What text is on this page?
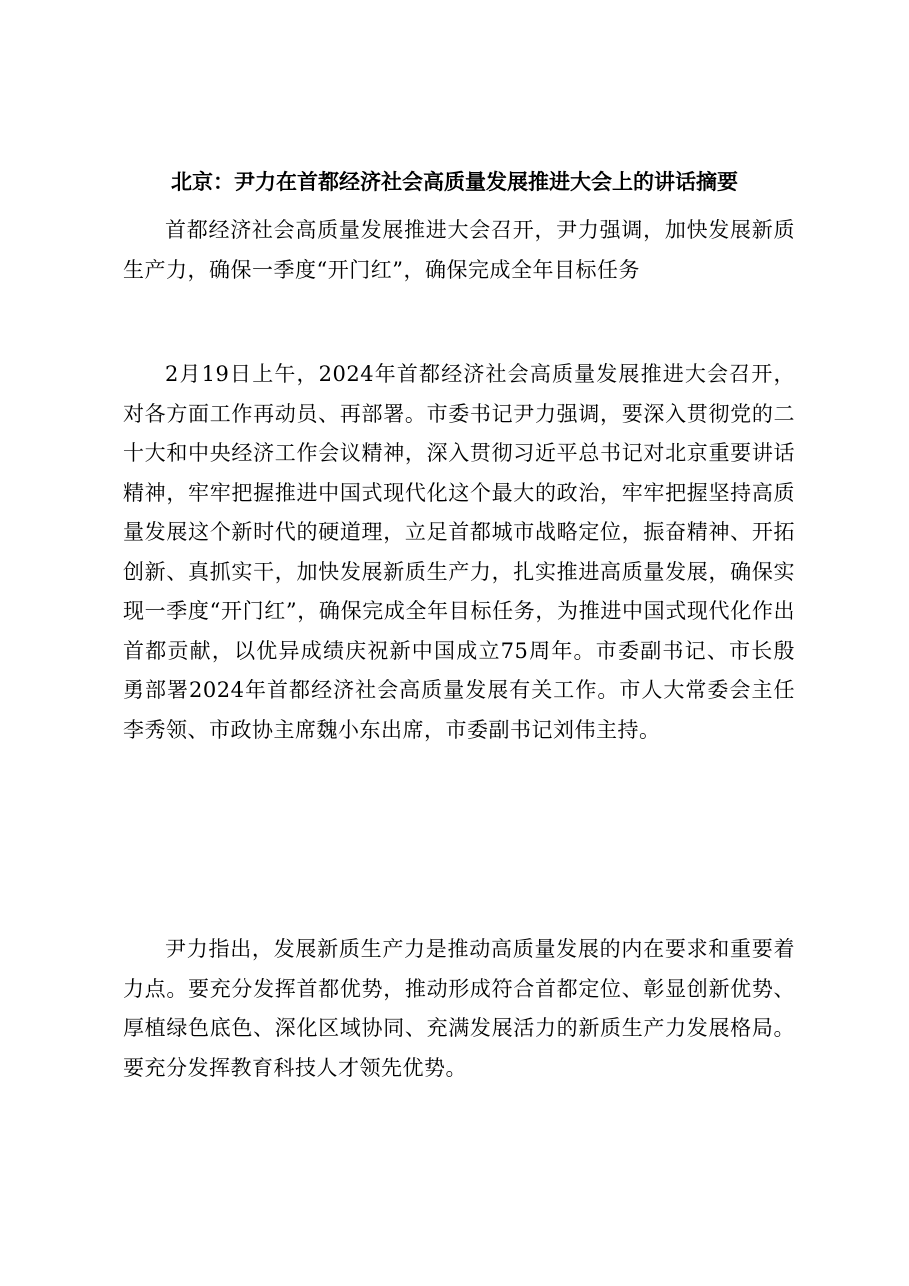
北京：尹力在首都经济社会高质量发展推进大会上的讲话摘要

首都经济社会高质量发展推进大会召开，尹力强调，加快发展新质生产力，确保一季度“开门红”，确保完成全年目标任务

2月19日上午，2024年首都经济社会高质量发展推进大会召开，对各方面工作再动员、再部署。市委书记尹力强调，要深入贯彻党的二十大和中央经济工作会议精神，深入贯彻习近平总书记对北京重要讲话精神，牢牢把握推进中国式现代化这个最大的政治，牢牢把握坚持高质量发展这个新时代的硬道理，立足首都城市战略定位，振奋精神、开拓创新、真抓实干，加快发展新质生产力，扎实推进高质量发展，确保实现一季度“开门红”，确保完成全年目标任务，为推进中国式现代化作出首都贡献，以优异成绩庆祝新中国成立75周年。市委副书记、市长殷勇部署2024年首都经济社会高质量发展有关工作。市人大常委会主任李秀领、市政协主席魏小东出席，市委副书记刘伟主持。

尹力指出，发展新质生产力是推动高质量发展的内在要求和重要着力点。要充分发挥首都优势，推动形成符合首都定位、彰显创新优势、厚植绿色底色、深化区域协同、充满发展活力的新质生产力发展格局。要充分发挥教育科技人才领先优势。
